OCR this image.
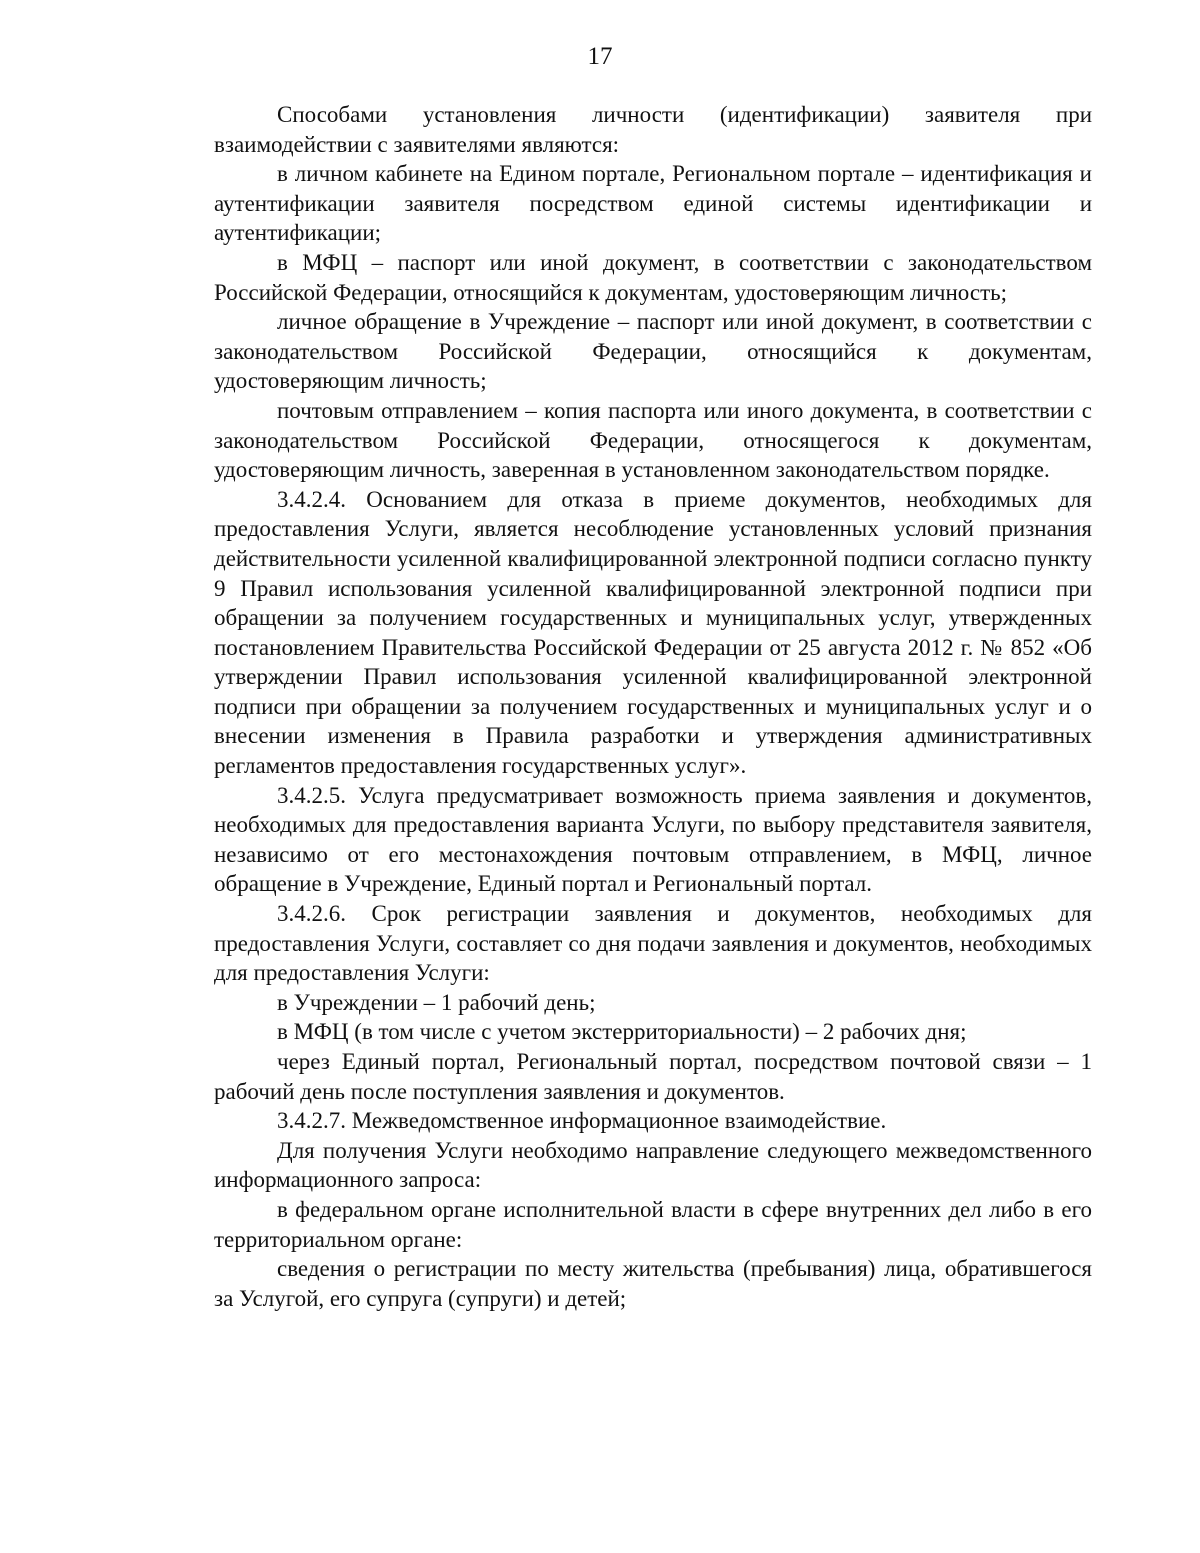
17

Способами установления личности (идентификации) заявителя при взаимодействии с заявителями являются:

в личном кабинете на Едином портале, Региональном портале – идентификация и аутентификации заявителя посредством единой системы идентификации и аутентификации;

в МФЦ – паспорт или иной документ, в соответствии с законодательством Российской Федерации, относящийся к документам, удостоверяющим личность;

личное обращение в Учреждение – паспорт или иной документ, в соответствии с законодательством Российской Федерации, относящийся к документам, удостоверяющим личность;

почтовым отправлением – копия паспорта или иного документа, в соответствии с законодательством Российской Федерации, относящегося к документам, удостоверяющим личность, заверенная в установленном законодательством порядке.

3.4.2.4. Основанием для отказа в приеме документов, необходимых для предоставления Услуги, является несоблюдение установленных условий признания действительности усиленной квалифицированной электронной подписи согласно пункту 9 Правил использования усиленной квалифицированной электронной подписи при обращении за получением государственных и муниципальных услуг, утвержденных постановлением Правительства Российской Федерации от 25 августа 2012 г. № 852 «Об утверждении Правил использования усиленной квалифицированной электронной подписи при обращении за получением государственных и муниципальных услуг и о внесении изменения в Правила разработки и утверждения административных регламентов предоставления государственных услуг».

3.4.2.5. Услуга предусматривает возможность приема заявления и документов, необходимых для предоставления варианта Услуги, по выбору представителя заявителя, независимо от его местонахождения почтовым отправлением, в МФЦ, личное обращение в Учреждение, Единый портал и Региональный портал.

3.4.2.6. Срок регистрации заявления и документов, необходимых для предоставления Услуги, составляет со дня подачи заявления и документов, необходимых для предоставления Услуги:

в Учреждении – 1 рабочий день;

в МФЦ (в том числе с учетом экстерриториальности) – 2 рабочих дня;

через Единый портал, Региональный портал, посредством почтовой связи – 1 рабочий день после поступления заявления и документов.

3.4.2.7. Межведомственное информационное взаимодействие.

Для получения Услуги необходимо направление следующего межведомственного информационного запроса:

в федеральном органе исполнительной власти в сфере внутренних дел либо в его территориальном органе:

сведения о регистрации по месту жительства (пребывания) лица, обратившегося за Услугой, его супруга (супруги) и детей;
